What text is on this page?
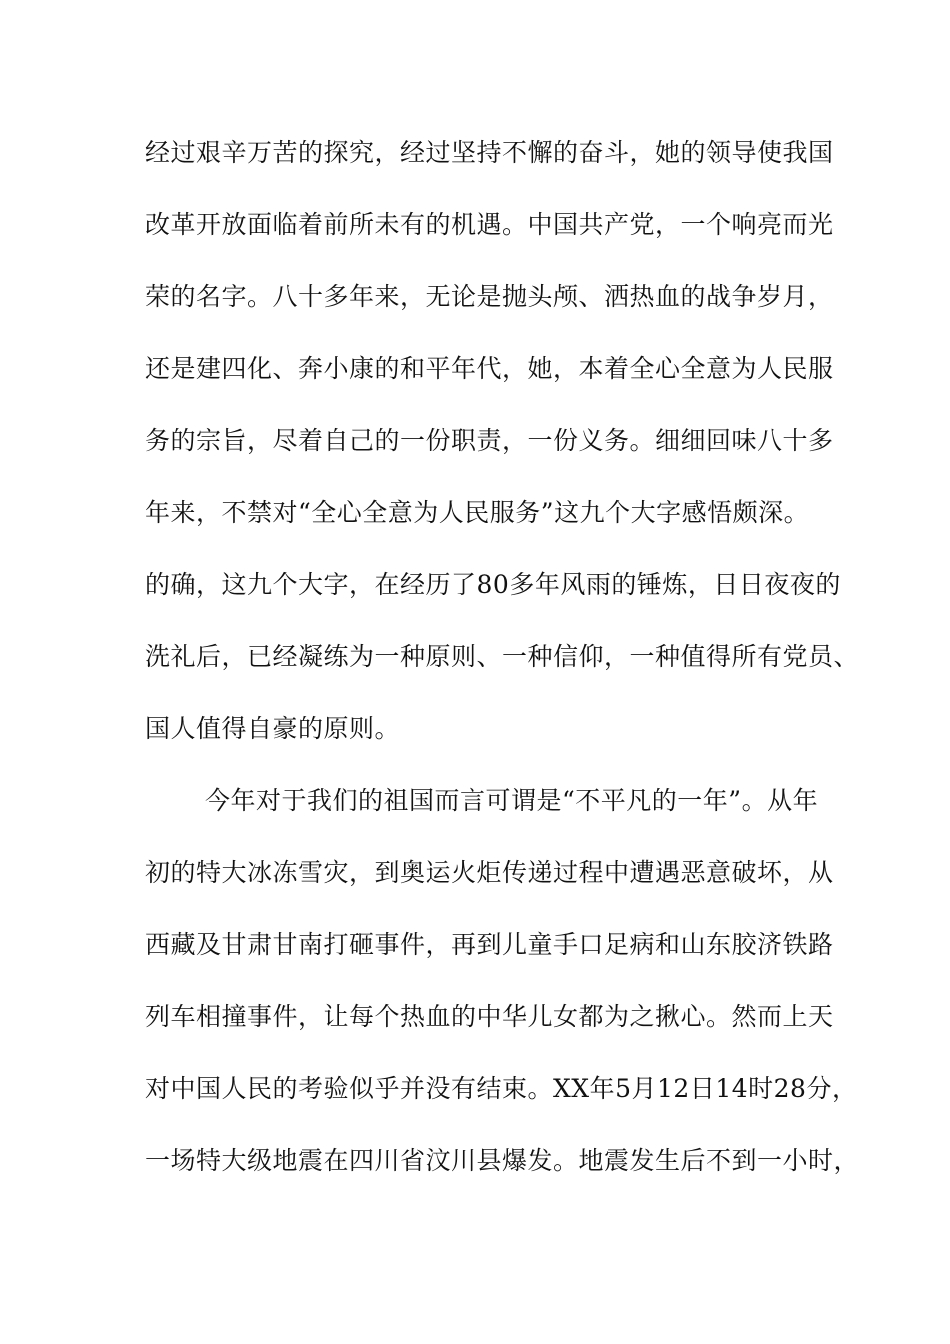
经过艰辛万苦的探究，经过坚持不懈的奋斗，她的领导使我国
改革开放面临着前所未有的机遇。中国共产党，一个响亮而光
荣的名字。八十多年来，无论是抛头颅、洒热血的战争岁月，
还是建四化、奔小康的和平年代，她，本着全心全意为人民服
务的宗旨，尽着自己的一份职责，一份义务。细细回味八十多
年来，不禁对“全心全意为人民服务”这九个大字感悟颇深。
的确，这九个大字，在经历了80多年风雨的锤炼，日日夜夜的
洗礼后，已经凝练为一种原则、一种信仰，一种值得所有党员、
国人值得自豪的原则。
今年对于我们的祖国而言可谓是“不平凡的一年”。从年
初的特大冰冻雪灾，到奥运火炬传递过程中遭遇恶意破坏，从
西藏及甘肃甘南打砸事件，再到儿童手口足病和山东胶济铁路
列车相撞事件，让每个热血的中华儿女都为之揪心。然而上天
对中国人民的考验似乎并没有结束。XX年5月12日14时28分，
一场特大级地震在四川省汶川县爆发。地震发生后不到一小时，
